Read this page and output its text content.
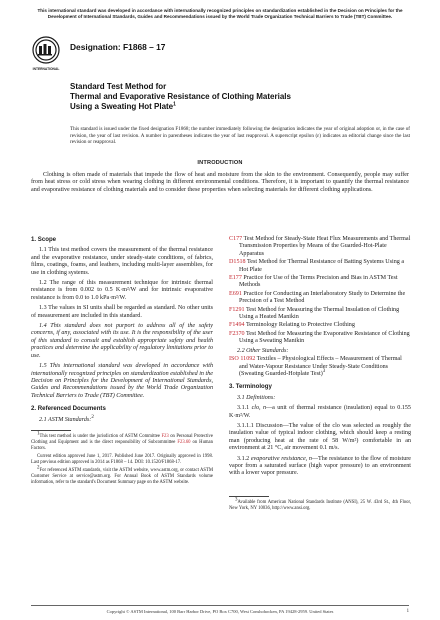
This international standard was developed in accordance with internationally recognized principles on standardization established in the Decision on Principles for the Development of International Standards, Guides and Recommendations issued by the World Trade Organization Technical Barriers to Trade (TBT) Committee.
INTERNATIONAL
Designation: F1868 – 17
Standard Test Method for
Thermal and Evaporative Resistance of Clothing Materials
Using a Sweating Hot Plate$^1$
This standard is issued under the fixed designation F1868; the number immediately following the designation indicates the year of original adoption or, in the case of revision, the year of last revision. A number in parentheses indicates the year of last reapproval. A superscript epsilon (ε) indicates an editorial change since the last revision or reapproval.
INTRODUCTION
Clothing is often made of materials that impede the flow of heat and moisture from the skin to the environment. Consequently, people may suffer from heat stress or cold stress when wearing clothing in different environmental conditions. Therefore, it is important to quantify the thermal resistance and evaporative resistance of clothing materials and to consider these properties when selecting materials for different clothing applications.
1. Scope
1.1 This test method covers the measurement of the thermal resistance and the evaporative resistance, under steady-state conditions, of fabrics, films, coatings, foams, and leathers, including multi-layer assemblies, for use in clothing systems.
1.2 The range of this measurement technique for intrinsic thermal resistance is from 0.002 to 0.5 K·m²/W and for intrinsic evaporative resistance is from 0.0 to 1.0 kPa·m²/W.
1.3 The values in SI units shall be regarded as standard. No other units of measurement are included in this standard.
1.4 This standard does not purport to address all of the safety concerns, if any, associated with its use. It is the responsibility of the user of this standard to consult and establish appropriate safety and health practices and determine the applicability of regulatory limitations prior to use.
1.5 This international standard was developed in accordance with internationally recognized principles on standardization established in the Decision on Principles for the Development of International Standards, Guides and Recommendations issued by the World Trade Organization Technical Barriers to Trade (TBT) Committee.
2. Referenced Documents
2.1 ASTM Standards:$^2$
1This test method is under the jurisdiction of ASTM Committee F23 on Personal Protective Clothing and Equipment and is the direct responsibility of Subcommittee F23.60 on Human Factors.
Current edition approved June 1, 2017. Published June 2017. Originally approved in 1998. Last previous edition approved in 2014 as F1868 – 14. DOI: 10.1520/F1868-17.
2For referenced ASTM standards, visit the ASTM website, www.astm.org, or contact ASTM Customer Service at service@astm.org. For Annual Book of ASTM Standards volume information, refer to the standard's Document Summary page on the ASTM website.
C177 Test Method for Steady-State Heat Flux Measurements and Thermal Transmission Properties by Means of the Guarded-Hot-Plate Apparatus
D1518 Test Method for Thermal Resistance of Batting Systems Using a Hot Plate
E177 Practice for Use of the Terms Precision and Bias in ASTM Test Methods
E691 Practice for Conducting an Interlaboratory Study to Determine the Precision of a Test Method
F1291 Test Method for Measuring the Thermal Insulation of Clothing Using a Heated Manikin
F1494 Terminology Relating to Protective Clothing
F2370 Test Method for Measuring the Evaporative Resistance of Clothing Using a Sweating Manikin
2.2 Other Standards:
ISO 11092 Textiles – Physiological Effects – Measurement of Thermal and Water-Vapour Resistance Under Steady-State Conditions (Sweating Guarded-Hotplate Test)$^3$
3. Terminology
3.1 Definitions:
3.1.1 clo, n—a unit of thermal resistance (insulation) equal to 0.155 K·m²/W.
3.1.1.1 Discussion—The value of the clo was selected as roughly the insulation value of typical indoor clothing, which should keep a resting man (producing heat at the rate of 58 W/m²) comfortable in an environment at 21 °C, air movement 0.1 m/s.
3.1.2 evaporative resistance, n—The resistance to the flow of moisture vapor from a saturated surface (high vapor pressure) to an environment with a lower vapor pressure.
3Available from American National Standards Institute (ANSI), 25 W. 43rd St., 4th Floor, New York, NY 10036, http://www.ansi.org.
Copyright © ASTM International, 100 Barr Harbor Drive, PO Box C700, West Conshohocken, PA 19428-2959. United States	1
